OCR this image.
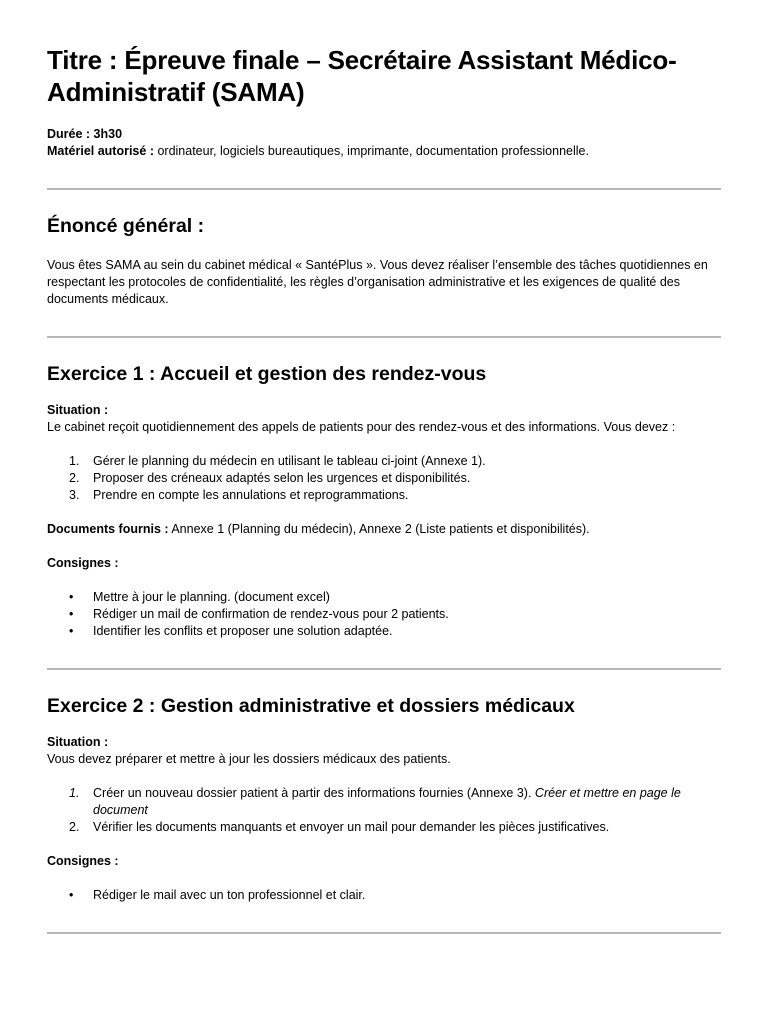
Titre : Épreuve finale – Secrétaire Assistant Médico-Administratif (SAMA)
Durée : 3h30
Matériel autorisé : ordinateur, logiciels bureautiques, imprimante, documentation professionnelle.
Énoncé général :

Vous êtes SAMA au sein du cabinet médical « SantéPlus ». Vous devez réaliser l’ensemble des tâches quotidiennes en respectant les protocoles de confidentialité, les règles d’organisation administrative et les exigences de qualité des documents médicaux.

Exercice 1 : Accueil et gestion des rendez-vous
Situation :

Le cabinet reçoit quotidiennement des appels de patients pour des rendez-vous et des informations. Vous devez :

1.	Gérer le planning du médecin en utilisant le tableau ci-joint (Annexe 1).
2.	Proposer des créneaux adaptés selon les urgences et disponibilités.
3.	Prendre en compte les annulations et reprogrammations.

Documents fournis : Annexe 1 (Planning du médecin), Annexe 2 (Liste patients et disponibilités).

Consignes :

• Mettre à jour le planning. (document excel)
• Rédiger un mail de confirmation de rendez-vous pour 2 patients.
• Identifier les conflits et proposer une solution adaptée.
Exercice 2 : Gestion administrative et dossiers médicaux
Situation :

Vous devez préparer et mettre à jour les dossiers médicaux des patients.

1.	Créer un nouveau dossier patient à partir des informations fournies (Annexe 3). Créer et mettre en page le document
2.	Vérifier les documents manquants et envoyer un mail pour demander les pièces justificatives.

Consignes :

• Rédiger le mail avec un ton professionnel et clair.
